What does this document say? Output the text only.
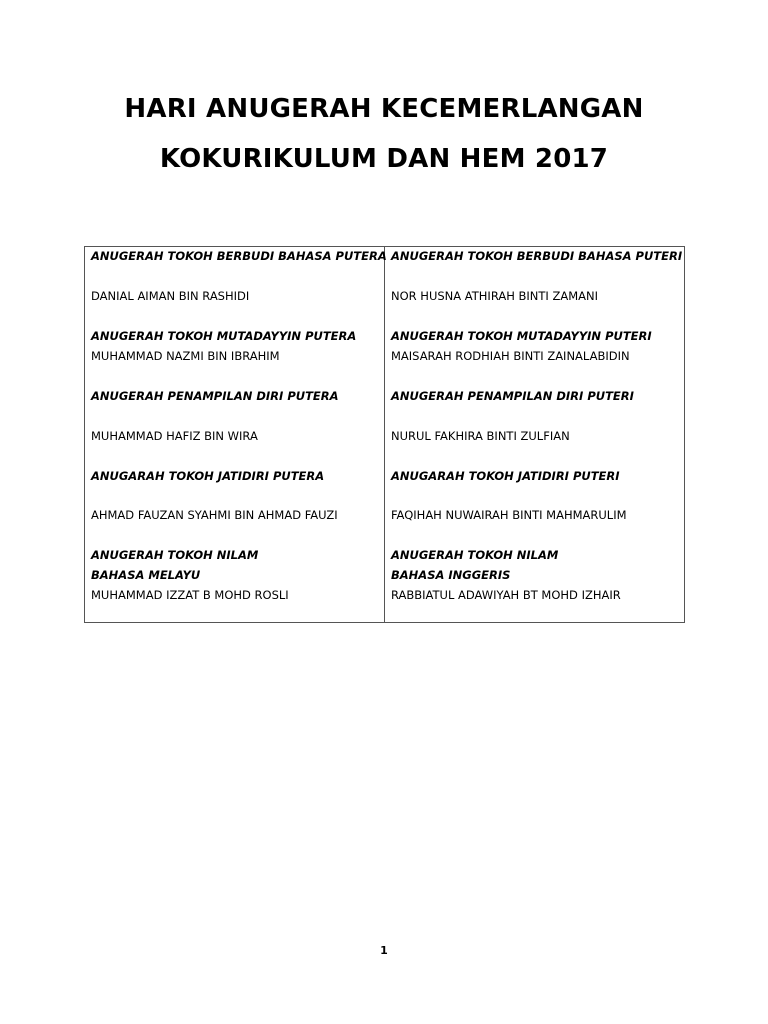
HARI ANUGERAH KECEMERLANGAN
KOKURIKULUM DAN HEM 2017
ANUGERAH TOKOH BERBUDI BAHASA PUTERA
DANIAL AIMAN BIN RASHIDI
ANUGERAH TOKOH MUTADAYYIN PUTERA
MUHAMMAD NAZMI BIN IBRAHIM
ANUGERAH PENAMPILAN DIRI PUTERA
MUHAMMAD HAFIZ BIN WIRA
ANUGARAH TOKOH JATIDIRI PUTERA
AHMAD FAUZAN SYAHMI BIN AHMAD FAUZI
ANUGERAH TOKOH NILAM
BAHASA MELAYU
MUHAMMAD IZZAT B MOHD ROSLI
ANUGERAH TOKOH BERBUDI BAHASA PUTERI
NOR HUSNA ATHIRAH BINTI ZAMANI
ANUGERAH TOKOH MUTADAYYIN PUTERI
MAISARAH RODHIAH BINTI ZAINALABIDIN
ANUGERAH PENAMPILAN DIRI PUTERI
NURUL FAKHIRA BINTI ZULFIAN
ANUGARAH TOKOH JATIDIRI PUTERI
FAQIHAH NUWAIRAH BINTI MAHMARULIM
ANUGERAH TOKOH NILAM
BAHASA INGGERIS
RABBIATUL ADAWIYAH BT MOHD IZHAIR
1
